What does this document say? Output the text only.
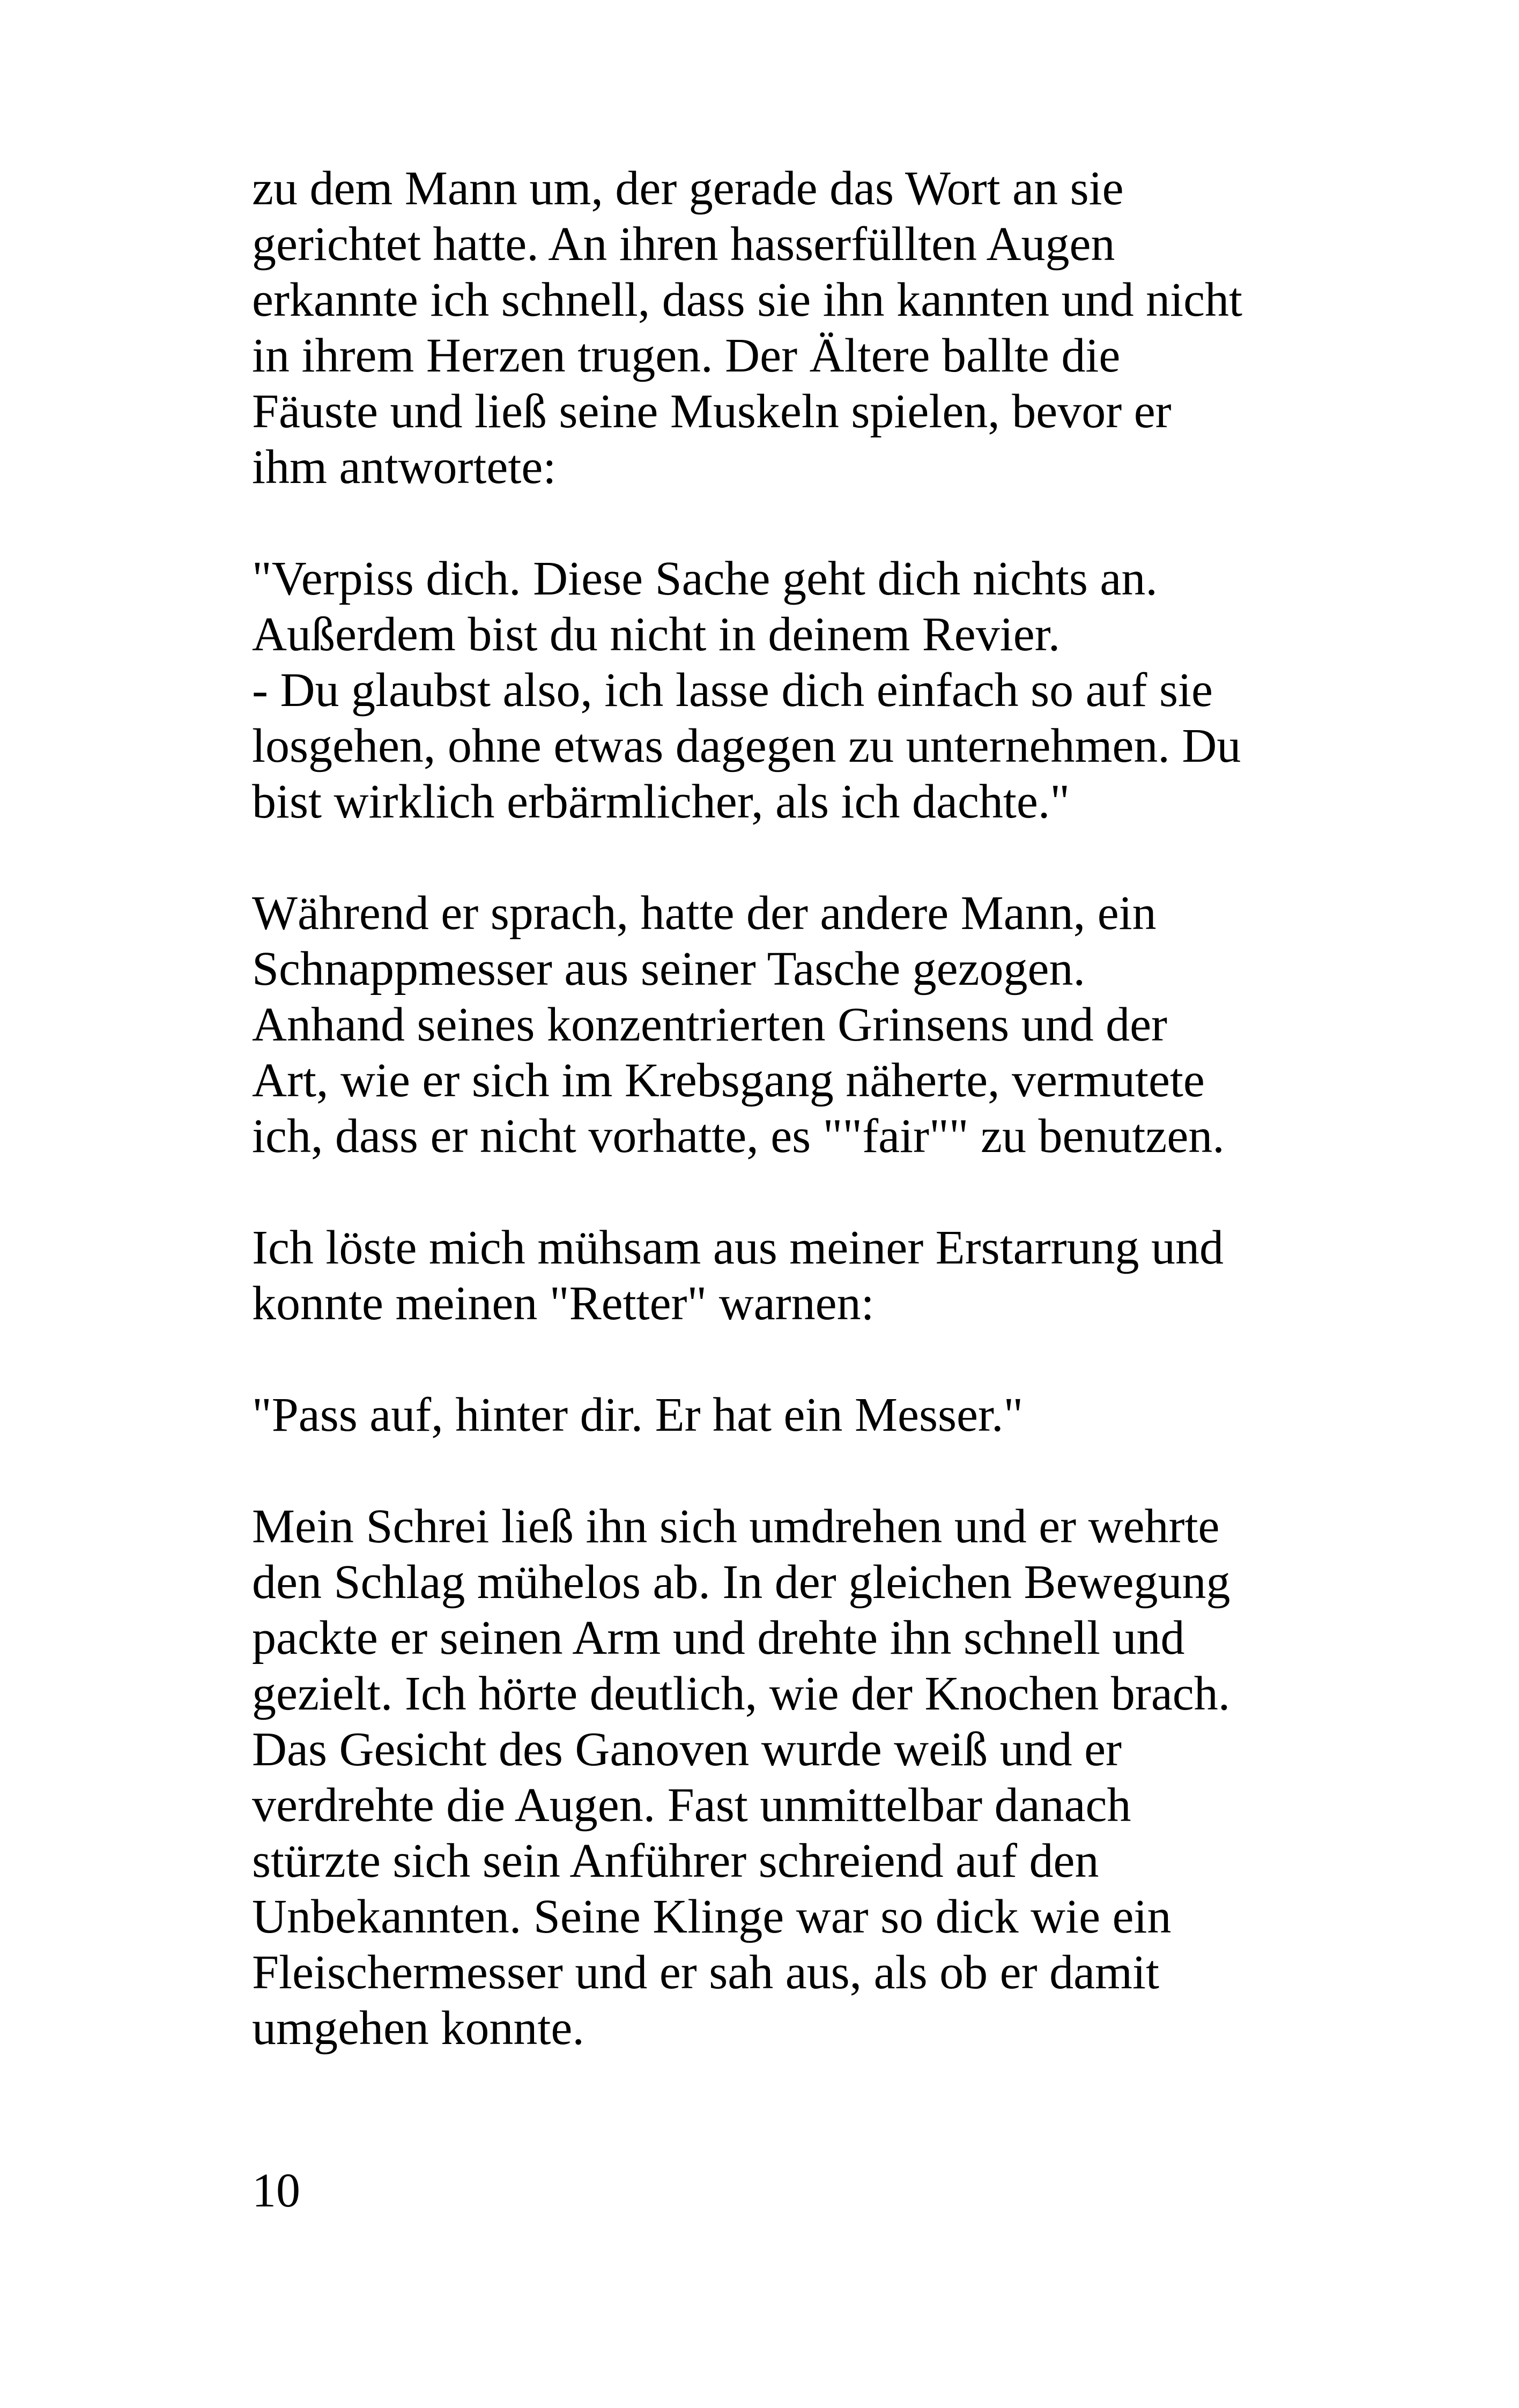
zu dem Mann um, der gerade das Wort an sie
gerichtet hatte. An ihren hasserfüllten Augen
erkannte ich schnell, dass sie ihn kannten und nicht
in ihrem Herzen trugen. Der Ältere ballte die
Fäuste und ließ seine Muskeln spielen, bevor er
ihm antwortete:

"Verpiss dich. Diese Sache geht dich nichts an.
Außerdem bist du nicht in deinem Revier.
- Du glaubst also, ich lasse dich einfach so auf sie
losgehen, ohne etwas dagegen zu unternehmen. Du
bist wirklich erbärmlicher, als ich dachte."

Während er sprach, hatte der andere Mann, ein
Schnappmesser aus seiner Tasche gezogen.
Anhand seines konzentrierten Grinsens und der
Art, wie er sich im Krebsgang näherte, vermutete
ich, dass er nicht vorhatte, es ""fair"" zu benutzen.

Ich löste mich mühsam aus meiner Erstarrung und
konnte meinen "Retter" warnen:

"Pass auf, hinter dir. Er hat ein Messer."

Mein Schrei ließ ihn sich umdrehen und er wehrte
den Schlag mühelos ab. In der gleichen Bewegung
packte er seinen Arm und drehte ihn schnell und
gezielt. Ich hörte deutlich, wie der Knochen brach.
Das Gesicht des Ganoven wurde weiß und er
verdrehte die Augen. Fast unmittelbar danach
stürzte sich sein Anführer schreiend auf den
Unbekannten. Seine Klinge war so dick wie ein
Fleischermesser und er sah aus, als ob er damit
umgehen konnte.

10
